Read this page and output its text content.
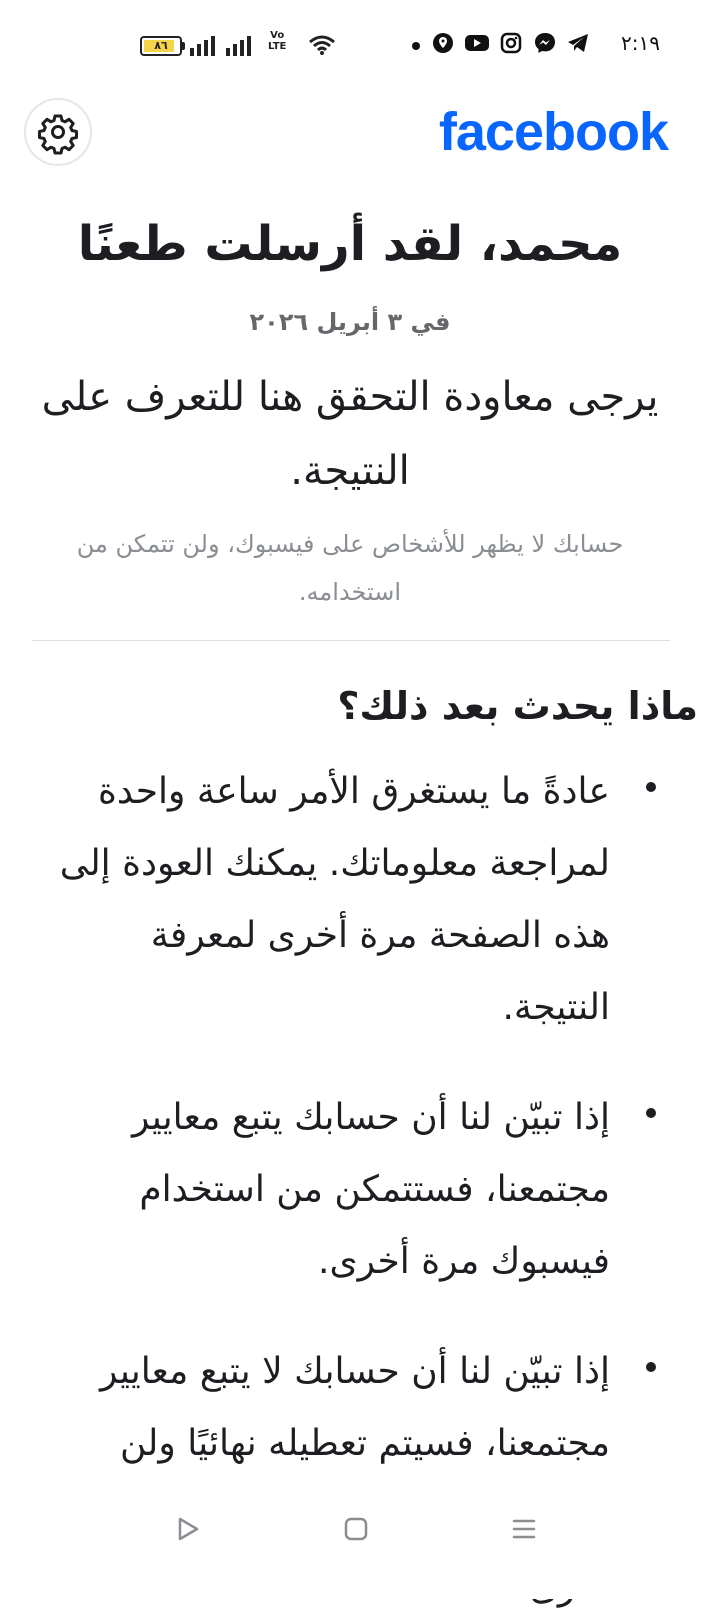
٨٦
Vo
LTE	٢:١٩
facebook
محمد، لقد أرسلت طعنًا
في ٣ أبريل ٢٠٢٦
يرجى معاودة التحقق هنا للتعرف على النتيجة.
حسابك لا يظهر للأشخاص على فيسبوك، ولن تتمكن من استخدامه.
ماذا يحدث بعد ذلك؟
عادةً ما يستغرق الأمر ساعة واحدة لمراجعة معلوماتك. يمكنك العودة إلى هذه الصفحة مرة أخرى لمعرفة النتيجة.
إذا تبيّن لنا أن حسابك يتبع معايير مجتمعنا، فستتمكن من استخدام فيسبوك مرة أخرى.
إذا تبيّن لنا أن حسابك لا يتبع معايير مجتمعنا، فسيتم تعطيله نهائيًا ولن
